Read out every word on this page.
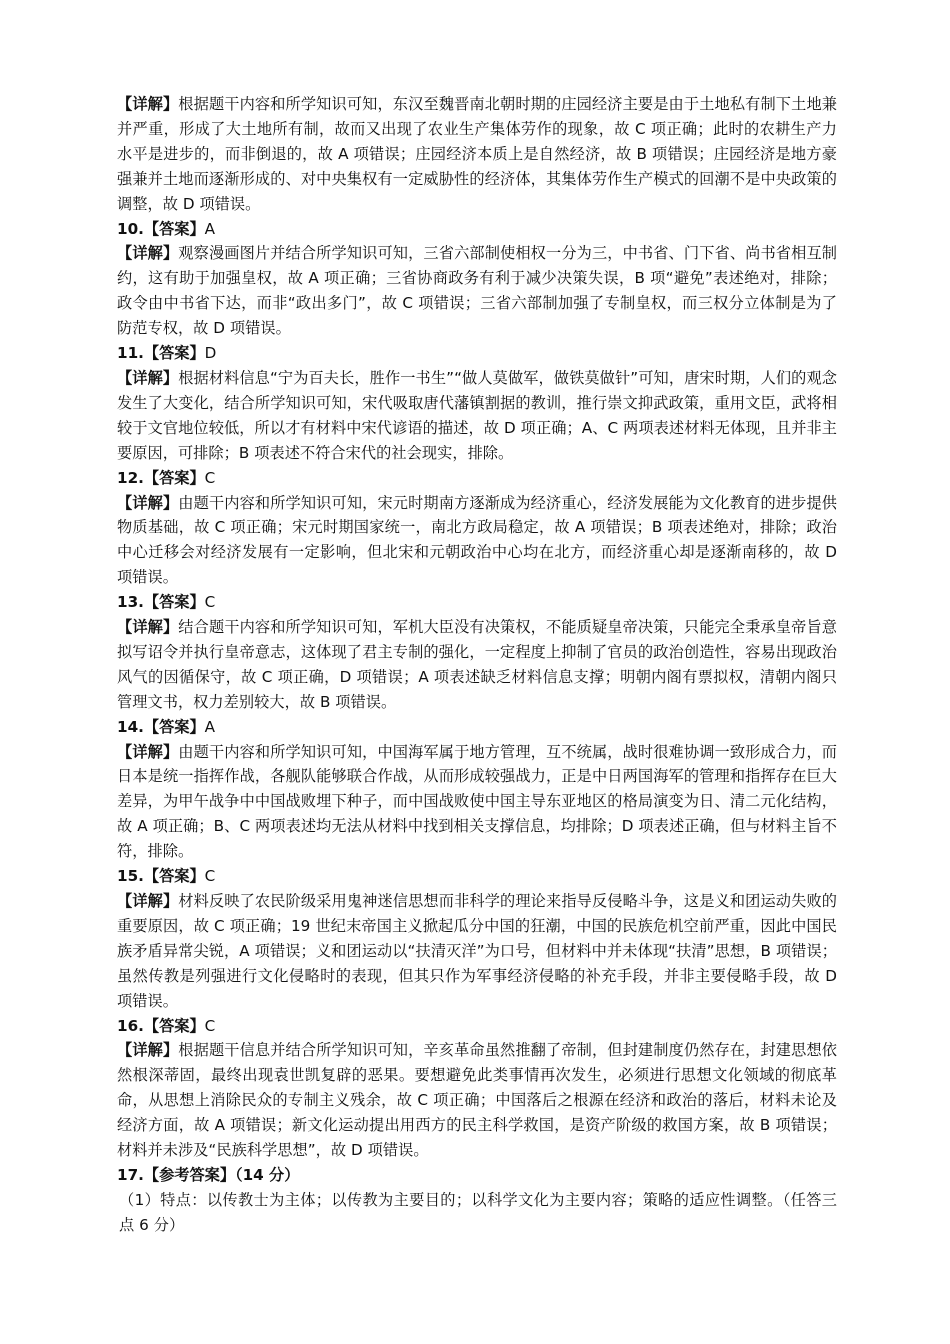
【详解】根据题干内容和所学知识可知，东汉至魏晋南北朝时期的庄园经济主要是由于土地私有制下土地兼并严重，形成了大土地所有制，故而又出现了农业生产集体劳作的现象，故 C 项正确；此时的农耕生产力水平是进步的，而非倒退的，故 A 项错误；庄园经济本质上是自然经济，故 B 项错误；庄园经济是地方豪强兼并土地而逐渐形成的、对中央集权有一定威胁性的经济体，其集体劳作生产模式的回潮不是中央政策的调整，故 D 项错误。

10.【答案】A

【详解】观察漫画图片并结合所学知识可知，三省六部制使相权一分为三，中书省、门下省、尚书省相互制约，这有助于加强皇权，故 A 项正确；三省协商政务有利于减少决策失误，B 项“避免”表述绝对，排除；政令由中书省下达，而非“政出多门”，故 C 项错误；三省六部制加强了专制皇权，而三权分立体制是为了防范专权，故 D 项错误。

11.【答案】D

【详解】根据材料信息“宁为百夫长，胜作一书生”“做人莫做军，做铁莫做针”可知，唐宋时期，人们的观念发生了大变化，结合所学知识可知，宋代吸取唐代藩镇割据的教训，推行崇文抑武政策，重用文臣，武将相较于文官地位较低，所以才有材料中宋代谚语的描述，故 D 项正确；A、C 两项表述材料无体现，且并非主要原因，可排除；B 项表述不符合宋代的社会现实，排除。

12.【答案】C

【详解】由题干内容和所学知识可知，宋元时期南方逐渐成为经济重心，经济发展能为文化教育的进步提供物质基础，故 C 项正确；宋元时期国家统一，南北方政局稳定，故 A 项错误；B 项表述绝对，排除；政治中心迁移会对经济发展有一定影响，但北宋和元朝政治中心均在北方，而经济重心却是逐渐南移的，故 D 项错误。

13.【答案】C

【详解】结合题干内容和所学知识可知，军机大臣没有决策权，不能质疑皇帝决策，只能完全秉承皇帝旨意拟写诏令并执行皇帝意志，这体现了君主专制的强化，一定程度上抑制了官员的政治创造性，容易出现政治风气的因循保守，故 C 项正确，D 项错误；A 项表述缺乏材料信息支撑；明朝内阁有票拟权，清朝内阁只管理文书，权力差别较大，故 B 项错误。

14.【答案】A

【详解】由题干内容和所学知识可知，中国海军属于地方管理，互不统属，战时很难协调一致形成合力，而日本是统一指挥作战，各舰队能够联合作战，从而形成较强战力，正是中日两国海军的管理和指挥存在巨大差异，为甲午战争中中国战败埋下种子，而中国战败使中国主导东亚地区的格局演变为日、清二元化结构，故 A 项正确；B、C 两项表述均无法从材料中找到相关支撑信息，均排除；D 项表述正确，但与材料主旨不符，排除。

15.【答案】C

【详解】材料反映了农民阶级采用鬼神迷信思想而非科学的理论来指导反侵略斗争，这是义和团运动失败的重要原因，故 C 项正确；19 世纪末帝国主义掀起瓜分中国的狂潮，中国的民族危机空前严重，因此中国民族矛盾异常尖锐，A 项错误；义和团运动以“扶清灭洋”为口号，但材料中并未体现“扶清”思想，B 项错误；虽然传教是列强进行文化侵略时的表现，但其只作为军事经济侵略的补充手段，并非主要侵略手段，故 D 项错误。

16.【答案】C

【详解】根据题干信息并结合所学知识可知，辛亥革命虽然推翻了帝制，但封建制度仍然存在，封建思想依然根深蒂固，最终出现袁世凯复辟的恶果。要想避免此类事情再次发生，必须进行思想文化领域的彻底革命，从思想上消除民众的专制主义残余，故 C 项正确；中国落后之根源在经济和政治的落后，材料未论及经济方面，故 A 项错误；新文化运动提出用西方的民主科学救国，是资产阶级的救国方案，故 B 项错误；材料并未涉及“民族科学思想”，故 D 项错误。

17.【参考答案】（14 分）

（1）特点：以传教士为主体；以传教为主要目的；以科学文化为主要内容；策略的适应性调整。（任答三点 6 分）
